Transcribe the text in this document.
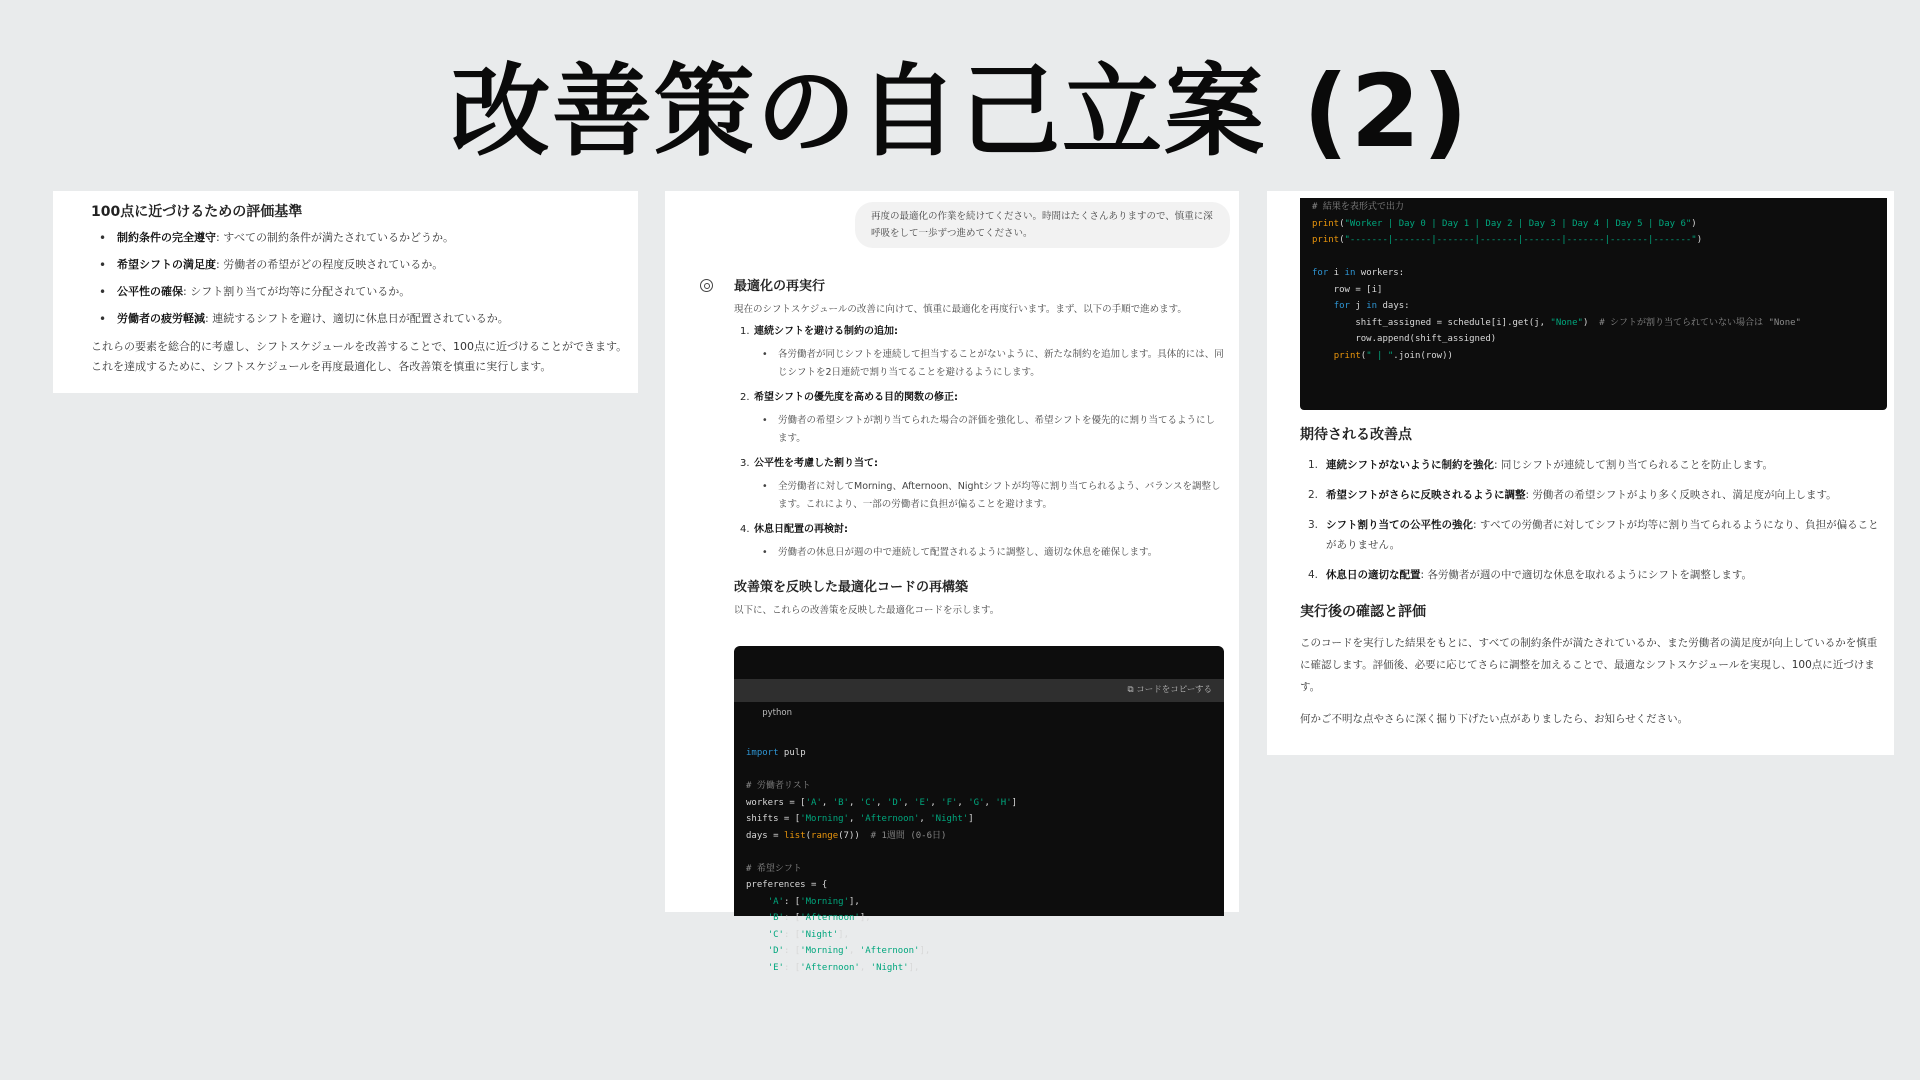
改善策の自己立案 (2)
100点に近づけるための評価基準
• 制約条件の完全遵守: すべての制約条件が満たされているかどうか。
• 希望シフトの満足度: 労働者の希望がどの程度反映されているか。
• 公平性の確保: シフト割り当てが均等に分配されているか。
• 労働者の疲労軽減: 連続するシフトを避け、適切に休息日が配置されているか。
これらの要素を総合的に考慮し、シフトスケジュールを改善することで、100点に近づけることができます。これを達成するために、シフトスケジュールを再度最適化し、各改善策を慎重に実行します。
再度の最適化の作業を続けてください。時間はたくさんありますので、慎重に深呼吸をして一歩ずつ進めてください。
最適化の再実行
現在のシフトスケジュールの改善に向けて、慎重に最適化を再度行います。まず、以下の手順で進めます。
1. 連続シフトを避ける制約の追加:
• 各労働者が同じシフトを連続して担当することがないように、新たな制約を追加します。具体的には、同じシフトを2日連続で割り当てることを避けるようにします。
2. 希望シフトの優先度を高める目的関数の修正:
• 労働者の希望シフトが割り当てられた場合の評価を強化し、希望シフトを優先的に割り当てるようにします。
3. 公平性を考慮した割り当て:
• 全労働者に対してMorning、Afternoon、Nightシフトが均等に割り当てられるよう、バランスを調整します。これにより、一部の労働者に負担が偏ることを避けます。
4. 休息日配置の再検討:
• 労働者の休息日が週の中で連続して配置されるように調整し、適切な休息を確保します。
改善策を反映した最適化コードの再構築
以下に、これらの改善策を反映した最適化コードを示します。

python

⧉ コードをコピーする

import pulp

# 労働者リスト
workers = ['A', 'B', 'C', 'D', 'E', 'F', 'G', 'H']
shifts = ['Morning', 'Afternoon', 'Night']
days = list(range(7))  # 1週間 (0-6日)

# 希望シフト
preferences = {
'A': ['Morning'],
'B': ['Afternoon'],
'C': ['Night'],
'D': ['Morning', 'Afternoon'],
'E': ['Afternoon', 'Night'],

# 結果を表形式で出力
print("Worker | Day 0 | Day 1 | Day 2 | Day 3 | Day 4 | Day 5 | Day 6")
print("-------|-------|-------|-------|-------|-------|-------|-------")

for i in workers:
row = [i]
for j in days:
shift_assigned = schedule[i].get(j, "None")  # シフトが割り当てられていない場合は "None"
row.append(shift_assigned)
print(" | ".join(row))
期待される改善点
1. 連続シフトがないように制約を強化: 同じシフトが連続して割り当てられることを防止します。
2. 希望シフトがさらに反映されるように調整: 労働者の希望シフトがより多く反映され、満足度が向上します。
3. シフト割り当ての公平性の強化: すべての労働者に対してシフトが均等に割り当てられるようになり、負担が偏ることがありません。
4. 休息日の適切な配置: 各労働者が週の中で適切な休息を取れるようにシフトを調整します。
実行後の確認と評価
このコードを実行した結果をもとに、すべての制約条件が満たされているか、また労働者の満足度が向上しているかを慎重に確認します。評価後、必要に応じてさらに調整を加えることで、最適なシフトスケジュールを実現し、100点に近づけます。
何かご不明な点やさらに深く掘り下げたい点がありましたら、お知らせください。
